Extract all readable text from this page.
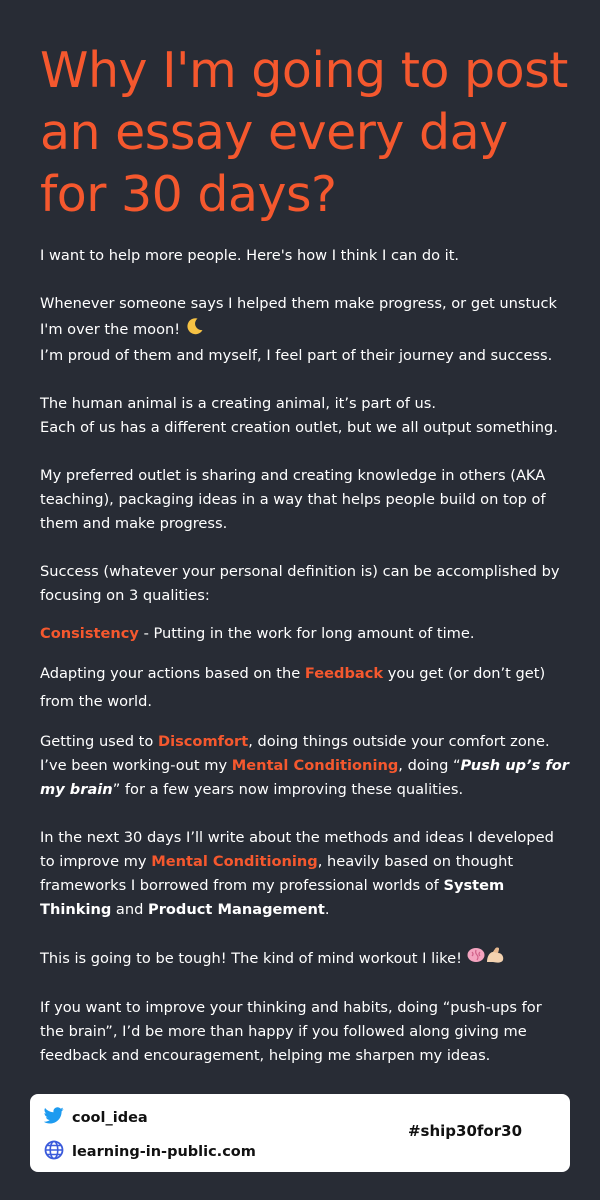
Why I'm going to post an essay every day for 30 days?

I want to help more people. Here's how I think I can do it.

Whenever someone says I helped them make progress, or get unstuck I'm over the moon!

I’m proud of them and myself, I feel part of their journey and success.

The human animal is a creating animal, it’s part of us.

Each of us has a different creation outlet, but we all output something.

My preferred outlet is sharing and creating knowledge in others (AKA teaching), packaging ideas in a way that helps people build on top of them and make progress.

Success (whatever your personal definition is) can be accomplished by focusing on 3 qualities:

Consistency - Putting in the work for long amount of time.

Adapting your actions based on the Feedback you get (or don’t get) from the world.

Getting used to Discomfort, doing things outside your comfort zone.

I’ve been working-out my Mental Conditioning, doing “Push up’s for my brain” for a few years now improving these qualities.

In the next 30 days I’ll write about the methods and ideas I developed to improve my Mental Conditioning, heavily based on thought frameworks I borrowed from my professional worlds of System Thinking and Product Management.

This is going to be tough! The kind of mind workout I like!

If you want to improve your thinking and habits, doing “push-ups for the brain”, I’d be more than happy if you followed along giving me feedback and encouragement, helping me sharpen my ideas.

cool_idea
learning-in-public.com
#ship30for30
